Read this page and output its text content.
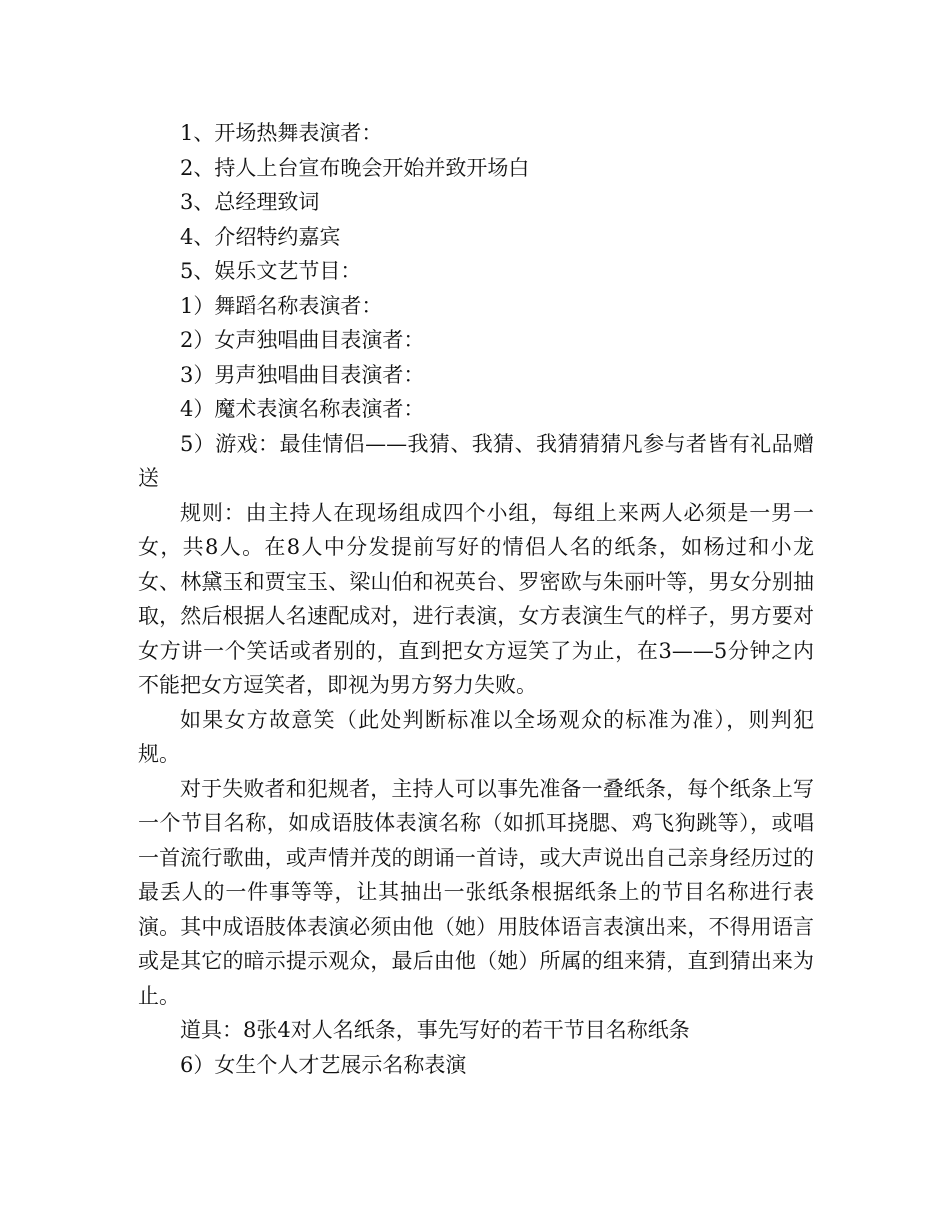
1、开场热舞表演者：

2、持人上台宣布晚会开始并致开场白

3、总经理致词

4、介绍特约嘉宾

5、娱乐文艺节目：

1）舞蹈名称表演者：

2）女声独唱曲目表演者：

3）男声独唱曲目表演者：

4）魔术表演名称表演者：

5）游戏：最佳情侣——我猜、我猜、我猜猜猜凡参与者皆有礼品赠送

规则：由主持人在现场组成四个小组，每组上来两人必须是一男一女，共8人。在8人中分发提前写好的情侣人名的纸条，如杨过和小龙女、林黛玉和贾宝玉、梁山伯和祝英台、罗密欧与朱丽叶等，男女分别抽取，然后根据人名速配成对，进行表演，女方表演生气的样子，男方要对女方讲一个笑话或者别的，直到把女方逗笑了为止，在3——5分钟之内不能把女方逗笑者，即视为男方努力失败。

如果女方故意笑（此处判断标准以全场观众的标准为准），则判犯规。

对于失败者和犯规者，主持人可以事先准备一叠纸条，每个纸条上写一个节目名称，如成语肢体表演名称（如抓耳挠腮、鸡飞狗跳等），或唱一首流行歌曲，或声情并茂的朗诵一首诗，或大声说出自己亲身经历过的最丢人的一件事等等，让其抽出一张纸条根据纸条上的节目名称进行表演。其中成语肢体表演必须由他（她）用肢体语言表演出来，不得用语言或是其它的暗示提示观众，最后由他（她）所属的组来猜，直到猜出来为止。

道具：8张4对人名纸条，事先写好的若干节目名称纸条

6）女生个人才艺展示名称表演
